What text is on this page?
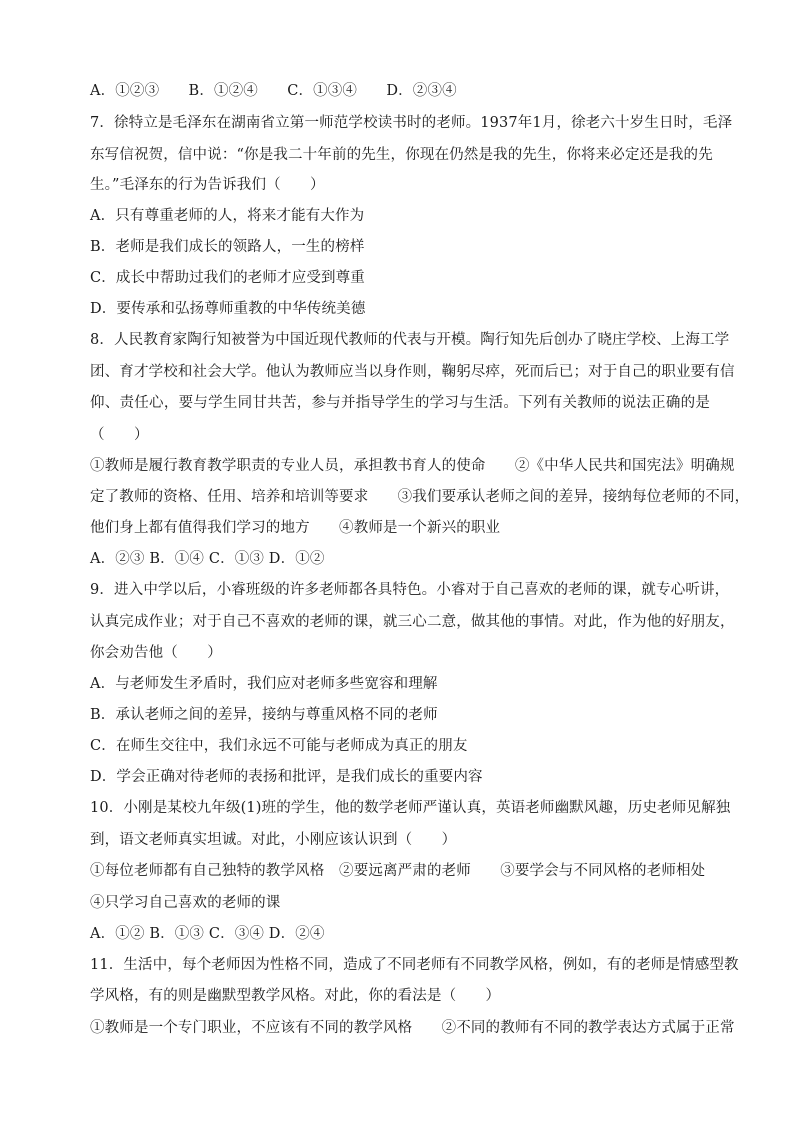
A．①②③　　B．①②④　　C．①③④　　D．②③④
7．徐特立是毛泽东在湖南省立第一师范学校读书时的老师。1937年1月，徐老六十岁生日时，毛泽
东写信祝贺，信中说：“你是我二十年前的先生，你现在仍然是我的先生，你将来必定还是我的先
生。”毛泽东的行为告诉我们（　　）
A．只有尊重老师的人，将来才能有大作为
B．老师是我们成长的领路人，一生的榜样
C．成长中帮助过我们的老师才应受到尊重
D．要传承和弘扬尊师重教的中华传统美德
8．人民教育家陶行知被誉为中国近现代教师的代表与开模。陶行知先后创办了晓庄学校、上海工学
团、育才学校和社会大学。他认为教师应当以身作则，鞠躬尽瘁，死而后已；对于自己的职业要有信
仰、责任心，要与学生同甘共苦，参与并指导学生的学习与生活。下列有关教师的说法正确的是
（　　）
①教师是履行教育教学职责的专业人员，承担教书育人的使命　　②《中华人民共和国宪法》明确规
定了教师的资格、任用、培养和培训等要求　　③我们要承认老师之间的差异，接纳每位老师的不同，
他们身上都有值得我们学习的地方　　④教师是一个新兴的职业
A．②③ B．①④ C．①③ D．①②
9．进入中学以后，小睿班级的许多老师都各具特色。小睿对于自己喜欢的老师的课，就专心听讲，
认真完成作业；对于自己不喜欢的老师的课，就三心二意，做其他的事情。对此，作为他的好朋友，
你会劝告他（　　）
A．与老师发生矛盾时，我们应对老师多些宽容和理解
B．承认老师之间的差异，接纳与尊重风格不同的老师
C．在师生交往中，我们永远不可能与老师成为真正的朋友
D．学会正确对待老师的表扬和批评，是我们成长的重要内容
10．小刚是某校九年级(1)班的学生，他的数学老师严谨认真，英语老师幽默风趣，历史老师见解独
到，语文老师真实坦诚。对此，小刚应该认识到（　　）
①每位老师都有自己独特的教学风格　②要远离严肃的老师　　③要学会与不同风格的老师相处
④只学习自己喜欢的老师的课
A．①② B．①③ C．③④ D．②④
11．生活中，每个老师因为性格不同，造成了不同老师有不同教学风格，例如，有的老师是情感型教
学风格，有的则是幽默型教学风格。对此，你的看法是（　　）
①教师是一个专门职业，不应该有不同的教学风格　　②不同的教师有不同的教学表达方式属于正常
